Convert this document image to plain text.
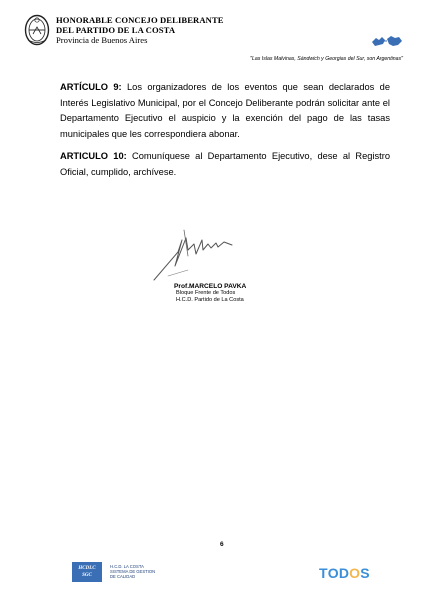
HONORABLE CONCEJO DELIBERANTE
DEL PARTIDO DE LA COSTA
Provincia de Buenos Aires
"Las Islas Malvinas, Sándwich y Georgias del Sur, son Argentinas"

ARTÍCULO 9: Los organizadores de los eventos que sean declarados de Interés Legislativo Municipal, por el Concejo Deliberante podrán solicitar ante el Departamento Ejecutivo el auspicio y la exención del pago de las tasas municipales que les correspondiera abonar.

ARTICULO 10: Comuníquese al Departamento Ejecutivo, dese al Registro Oficial, cumplido, archívese.

Prof.MARCELO PAVKA
Bloque Frente de Todos
H.C.D. Partido de La Costa
6
HCDLC
SGC
H.C.D. LA COSTA
SISTEMA DE GESTION
DE CALIDAD	TODOS
